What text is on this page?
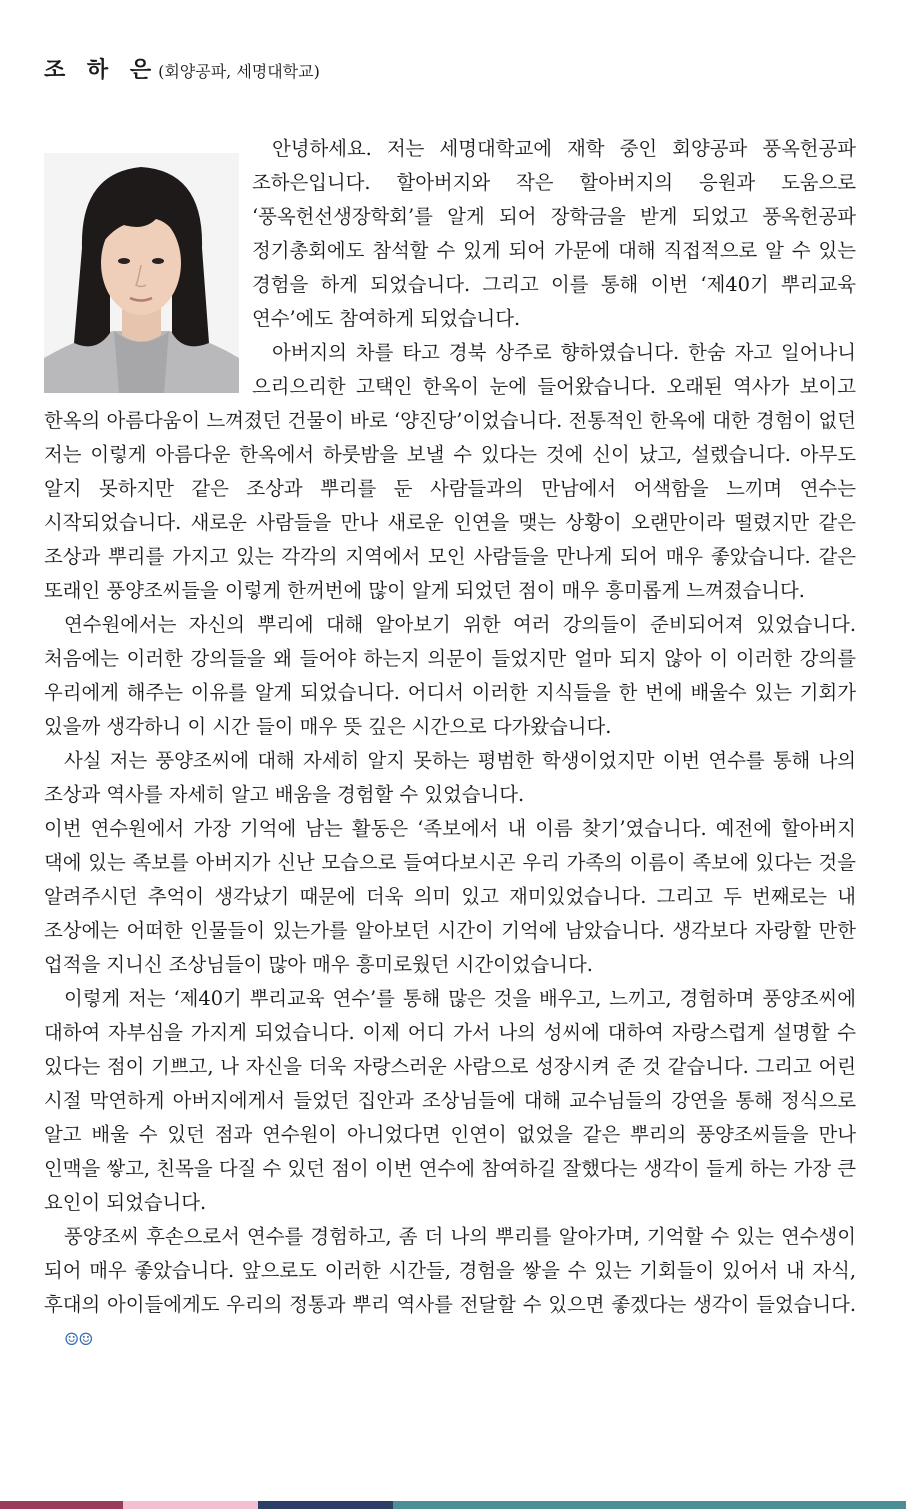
조 하 은(회양공파, 세명대학교)

안녕하세요. 저는 세명대학교에 재학 중인 회양공파 풍옥헌공파 조하은입니다. 할아버지와 작은 할아버지의 응원과 도움으로 ‘풍옥헌선생장학회’를 알게 되어 장학금을 받게 되었고 풍옥헌공파 정기총회에도 참석할 수 있게 되어 가문에 대해 직접적으로 알 수 있는 경험을 하게 되었습니다. 그리고 이를 통해 이번 ‘제40기 뿌리교육 연수’에도 참여하게 되었습니다.

아버지의 차를 타고 경북 상주로 향하였습니다. 한숨 자고 일어나니 으리으리한 고택인 한옥이 눈에 들어왔습니다. 오래된 역사가 보이고 한옥의 아름다움이 느껴졌던 건물이 바로 ‘양진당’이었습니다. 전통적인 한옥에 대한 경험이 없던 저는 이렇게 아름다운 한옥에서 하룻밤을 보낼 수 있다는 것에 신이 났고, 설렜습니다. 아무도 알지 못하지만 같은 조상과 뿌리를 둔 사람들과의 만남에서 어색함을 느끼며 연수는 시작되었습니다. 새로운 사람들을 만나 새로운 인연을 맺는 상황이 오랜만이라 떨렸지만 같은 조상과 뿌리를 가지고 있는 각각의 지역에서 모인 사람들을 만나게 되어 매우 좋았습니다. 같은 또래인 풍양조씨들을 이렇게 한꺼번에 많이 알게 되었던 점이 매우 흥미롭게 느껴졌습니다.

연수원에서는 자신의 뿌리에 대해 알아보기 위한 여러 강의들이 준비되어져 있었습니다. 처음에는 이러한 강의들을 왜 들어야 하는지 의문이 들었지만 얼마 되지 않아 이 이러한 강의를 우리에게 해주는 이유를 알게 되었습니다. 어디서 이러한 지식들을 한 번에 배울수 있는 기회가 있을까 생각하니 이 시간 들이 매우 뜻 깊은 시간으로 다가왔습니다.

사실 저는 풍양조씨에 대해 자세히 알지 못하는 평범한 학생이었지만 이번 연수를 통해 나의 조상과 역사를 자세히 알고 배움을 경험할 수 있었습니다.

이번 연수원에서 가장 기억에 남는 활동은 ‘족보에서 내 이름 찾기’였습니다. 예전에 할아버지 댁에 있는 족보를 아버지가 신난 모습으로 들여다보시곤 우리 가족의 이름이 족보에 있다는 것을 알려주시던 추억이 생각났기 때문에 더욱 의미 있고 재미있었습니다. 그리고 두 번째로는 내 조상에는 어떠한 인물들이 있는가를 알아보던 시간이 기억에 남았습니다. 생각보다 자랑할 만한 업적을 지니신 조상님들이 많아 매우 흥미로웠던 시간이었습니다.

이렇게 저는 ‘제40기 뿌리교육 연수’를 통해 많은 것을 배우고, 느끼고, 경험하며 풍양조씨에 대하여 자부심을 가지게 되었습니다. 이제 어디 가서 나의 성씨에 대하여 자랑스럽게 설명할 수 있다는 점이 기쁘고, 나 자신을 더욱 자랑스러운 사람으로 성장시켜 준 것 같습니다. 그리고 어린 시절 막연하게 아버지에게서 들었던 집안과 조상님들에 대해 교수님들의 강연을 통해 정식으로 알고 배울 수 있던 점과 연수원이 아니었다면 인연이 없었을 같은 뿌리의 풍양조씨들을 만나 인맥을 쌓고, 친목을 다질 수 있던 점이 이번 연수에 참여하길 잘했다는 생각이 들게 하는 가장 큰 요인이 되었습니다.

풍양조씨 후손으로서 연수를 경험하고, 좀 더 나의 뿌리를 알아가며, 기억할 수 있는 연수생이 되어 매우 좋았습니다. 앞으로도 이러한 시간들, 경험을 쌓을 수 있는 기회들이 있어서 내 자식, 후대의 아이들에게도 우리의 정통과 뿌리 역사를 전달할 수 있으면 좋겠다는 생각이 들었습니다.☺☺
